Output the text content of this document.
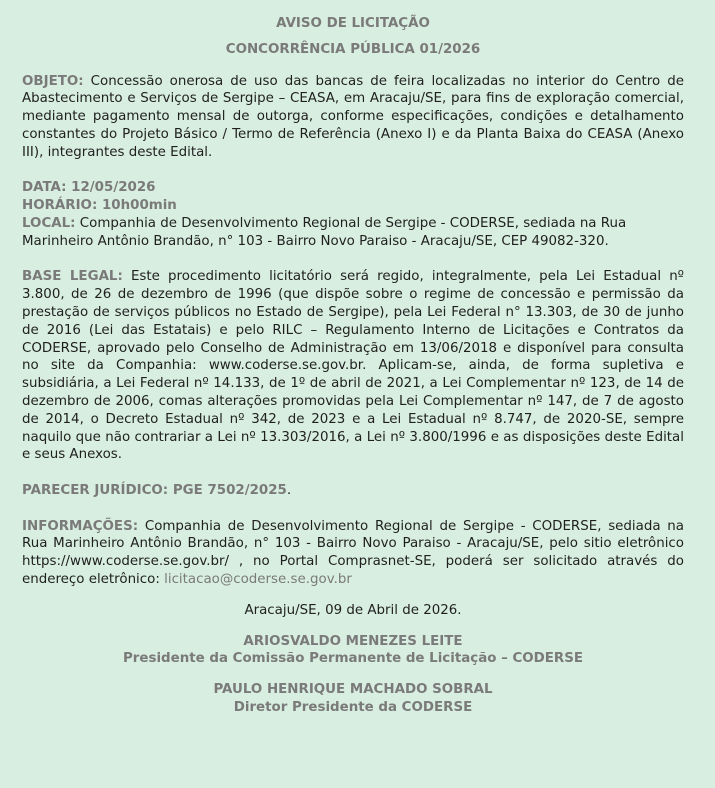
AVISO DE LICITAÇÃO

CONCORRÊNCIA PÚBLICA 01/2026

OBJETO: Concessão onerosa de uso das bancas de feira localizadas no interior do Centro de Abastecimento e Serviços de Sergipe – CEASA, em Aracaju/SE, para fins de exploração comercial, mediante pagamento mensal de outorga, conforme especificações, condições e detalhamento constantes do Projeto Básico / Termo de Referência (Anexo I) e da Planta Baixa do CEASA (Anexo III), integrantes deste Edital.

DATA: 12/05/2026

HORÁRIO: 10h00min

LOCAL: Companhia de Desenvolvimento Regional de Sergipe - CODERSE, sediada na Rua Marinheiro Antônio Brandão, n° 103 - Bairro Novo Paraiso - Aracaju/SE, CEP 49082-320.

BASE LEGAL: Este procedimento licitatório será regido, integralmente, pela Lei Estadual nº 3.800, de 26 de dezembro de 1996 (que dispõe sobre o regime de concessão e permissão da prestação de serviços públicos no Estado de Sergipe), pela Lei Federal n° 13.303, de 30 de junho de 2016 (Lei das Estatais) e pelo RILC – Regulamento Interno de Licitações e Contratos da CODERSE, aprovado pelo Conselho de Administração em 13/06/2018 e disponível para consulta no site da Companhia: www.coderse.se.gov.br. Aplicam-se, ainda, de forma supletiva e subsidiária, a Lei Federal nº 14.133, de 1º de abril de 2021, a Lei Complementar nº 123, de 14 de dezembro de 2006, comas alterações promovidas pela Lei Complementar nº 147, de 7 de agosto de 2014, o Decreto Estadual nº 342, de 2023 e a Lei Estadual nº 8.747, de 2020-SE, sempre naquilo que não contrariar a Lei nº 13.303/2016, a Lei nº 3.800/1996 e as disposições deste Edital e seus Anexos.

PARECER JURÍDICO: PGE 7502/2025.

INFORMAÇÕES: Companhia de Desenvolvimento Regional de Sergipe - CODERSE, sediada na Rua Marinheiro Antônio Brandão, n° 103 - Bairro Novo Paraiso - Aracaju/SE, pelo sitio eletrônico https://www.coderse.se.gov.br/ , no Portal Comprasnet-SE, poderá ser solicitado através do endereço eletrônico: licitacao@coderse.se.gov.br

Aracaju/SE, 09 de Abril de 2026.

ARIOSVALDO MENEZES LEITE

Presidente da Comissão Permanente de Licitação – CODERSE

PAULO HENRIQUE MACHADO SOBRAL

Diretor Presidente da CODERSE
